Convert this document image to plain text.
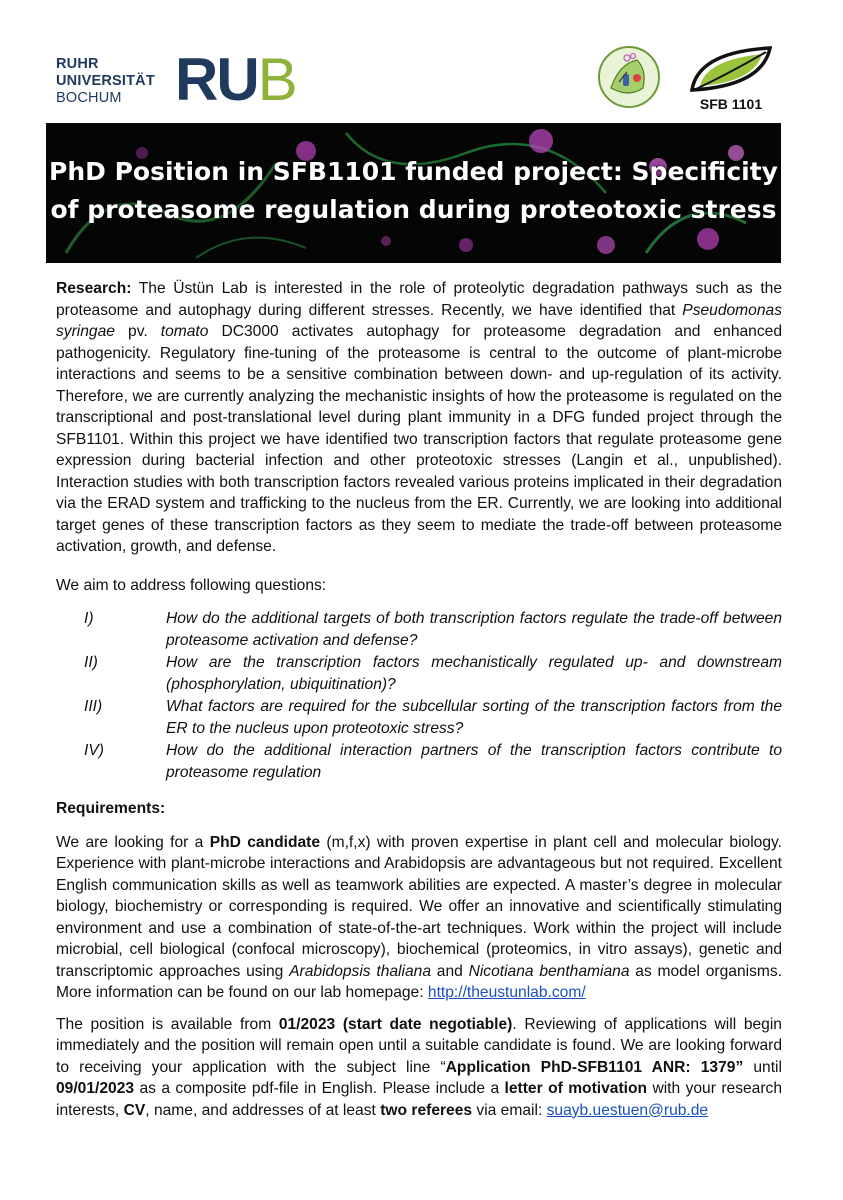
RUHR
UNIVERSITÄT
BOCHUM RUB	SFB 1101
PhD Position in SFB1101 funded project: Specificity
of proteasome regulation during proteotoxic stress

Research: The Üstün Lab is interested in the role of proteolytic degradation pathways such as the proteasome and autophagy during different stresses. Recently, we have identified that Pseudomonas syringae pv. tomato DC3000 activates autophagy for proteasome degradation and enhanced pathogenicity. Regulatory fine-tuning of the proteasome is central to the outcome of plant-microbe interactions and seems to be a sensitive combination between down- and up-regulation of its activity. Therefore, we are currently analyzing the mechanistic insights of how the proteasome is regulated on the transcriptional and post-translational level during plant immunity in a DFG funded project through the SFB1101. Within this project we have identified two transcription factors that regulate proteasome gene expression during bacterial infection and other proteotoxic stresses (Langin et al., unpublished). Interaction studies with both transcription factors revealed various proteins implicated in their degradation via the ERAD system and trafficking to the nucleus from the ER. Currently, we are looking into additional target genes of these transcription factors as they seem to mediate the trade-off between proteasome activation, growth, and defense.

We aim to address following questions:

I)	How do the additional targets of both transcription factors regulate the trade-off between proteasome activation and defense?
II)	How are the transcription factors mechanistically regulated up- and downstream (phosphorylation, ubiquitination)?
III)	What factors are required for the subcellular sorting of the transcription factors from the ER to the nucleus upon proteotoxic stress?
IV)	How do the additional interaction partners of the transcription factors contribute to proteasome regulation

Requirements:

We are looking for a PhD candidate (m,f,x) with proven expertise in plant cell and molecular biology. Experience with plant-microbe interactions and Arabidopsis are advantageous but not required. Excellent English communication skills as well as teamwork abilities are expected. A master’s degree in molecular biology, biochemistry or corresponding is required. We offer an innovative and scientifically stimulating environment and use a combination of state-of-the-art techniques. Work within the project will include microbial, cell biological (confocal microscopy), biochemical (proteomics, in vitro assays), genetic and transcriptomic approaches using Arabidopsis thaliana and Nicotiana benthamiana as model organisms. More information can be found on our lab homepage: http://theustunlab.com/

The position is available from 01/2023 (start date negotiable). Reviewing of applications will begin immediately and the position will remain open until a suitable candidate is found. We are looking forward to receiving your application with the subject line “Application PhD-SFB1101 ANR: 1379” until 09/01/2023 as a composite pdf-file in English. Please include a letter of motivation with your research interests, CV, name, and addresses of at least two referees via email: suayb.uestuen@rub.de
